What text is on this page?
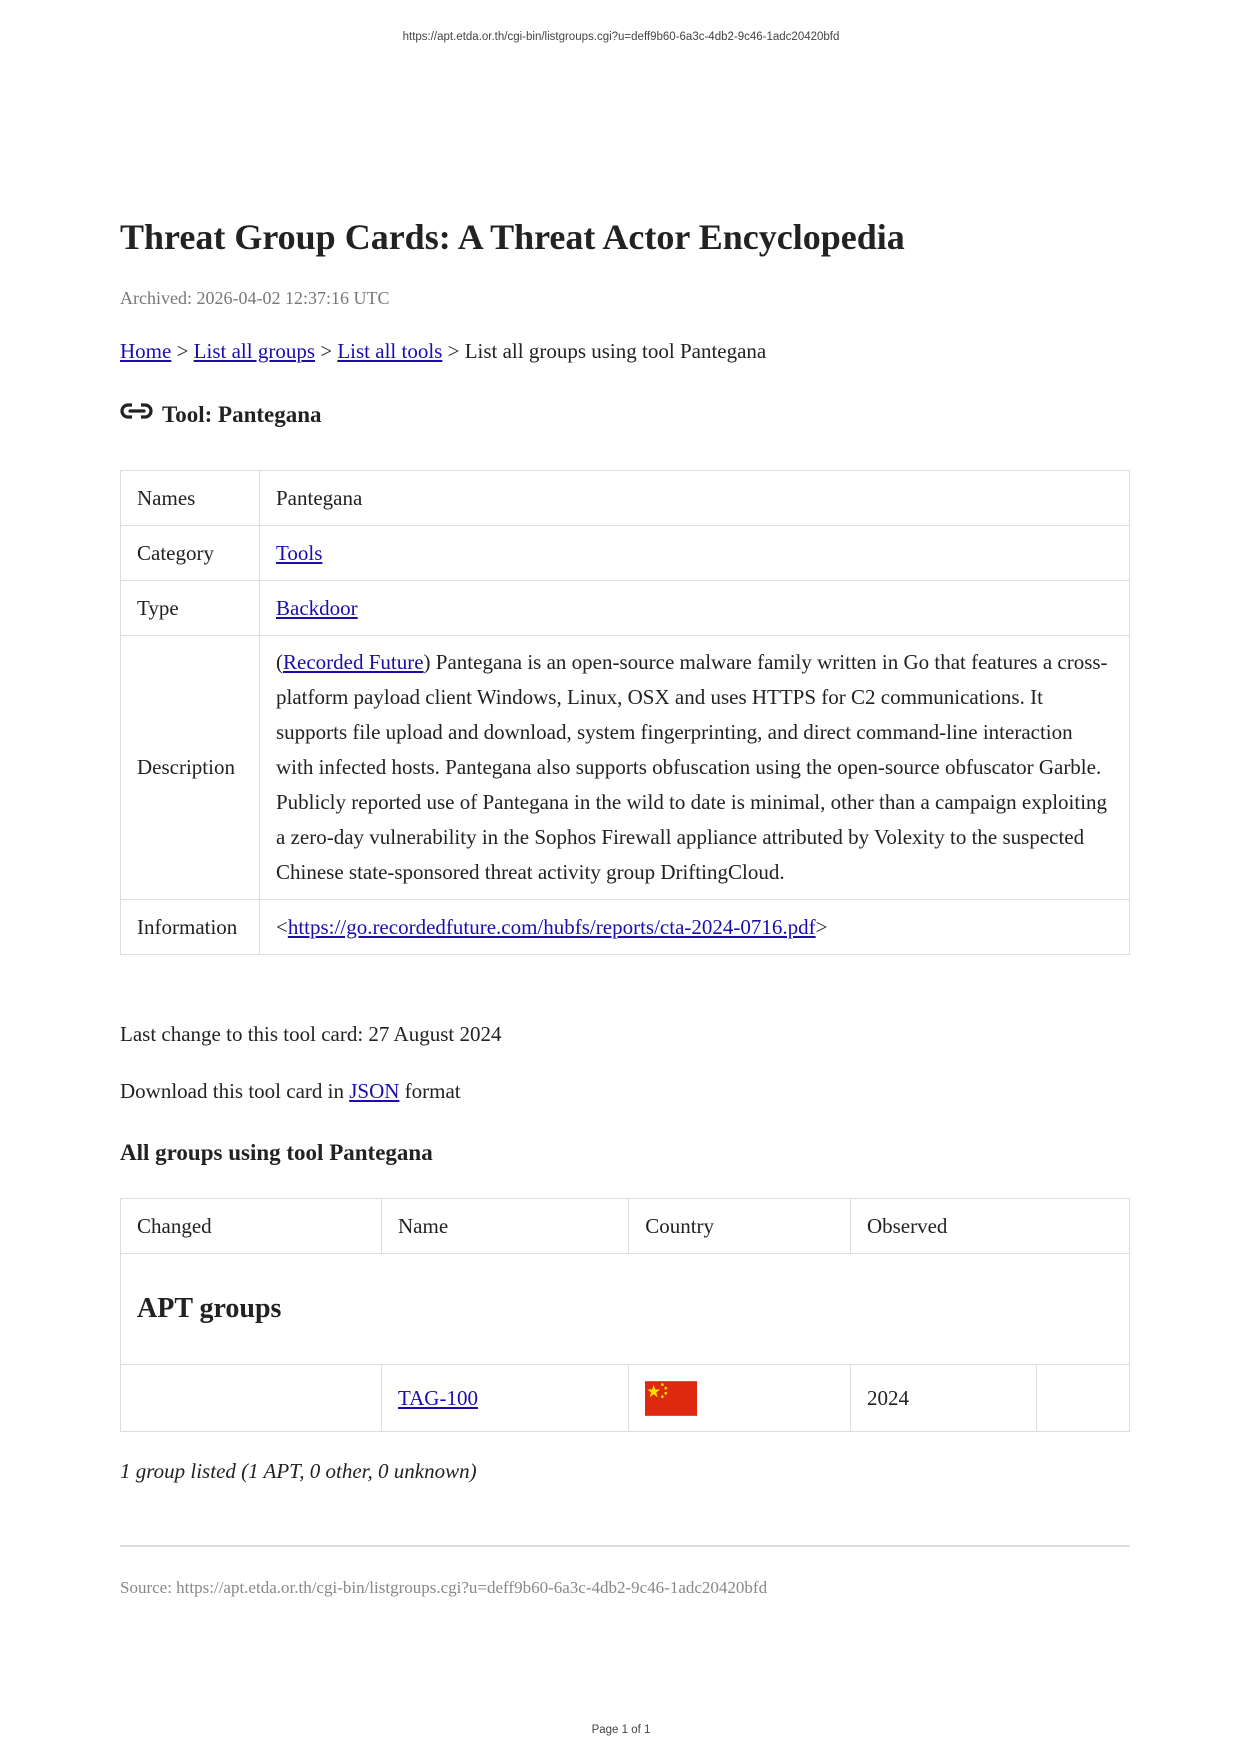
https://apt.etda.or.th/cgi-bin/listgroups.cgi?u=deff9b60-6a3c-4db2-9c46-1adc20420bfd
Threat Group Cards: A Threat Actor Encyclopedia
Archived: 2026-04-02 12:37:16 UTC
Home > List all groups > List all tools > List all groups using tool Pantegana
Tool: Pantegana
Names	Pantegana
Category	Tools
Type	Backdoor
Description	(Recorded Future) Pantegana is an open-source malware family written in Go that features a cross-platform payload client Windows, Linux, OSX and uses HTTPS for C2 communications. It supports file upload and download, system fingerprinting, and direct command-line interaction with infected hosts. Pantegana also supports obfuscation using the open-source obfuscator Garble. Publicly reported use of Pantegana in the wild to date is minimal, other than a campaign exploiting a zero-day vulnerability in the Sophos Firewall appliance attributed by Volexity to the suspected Chinese state-sponsored threat activity group DriftingCloud.
Information	<https://go.recordedfuture.com/hubfs/reports/cta-2024-0716.pdf>
Last change to this tool card: 27 August 2024
Download this tool card in JSON format
All groups using tool Pantegana
Changed	Name	Country	Observed	
APT groups				
	TAG-100		2024	
1 group listed (1 APT, 0 other, 0 unknown)
Source: https://apt.etda.or.th/cgi-bin/listgroups.cgi?u=deff9b60-6a3c-4db2-9c46-1adc20420bfd
Page 1 of 1
